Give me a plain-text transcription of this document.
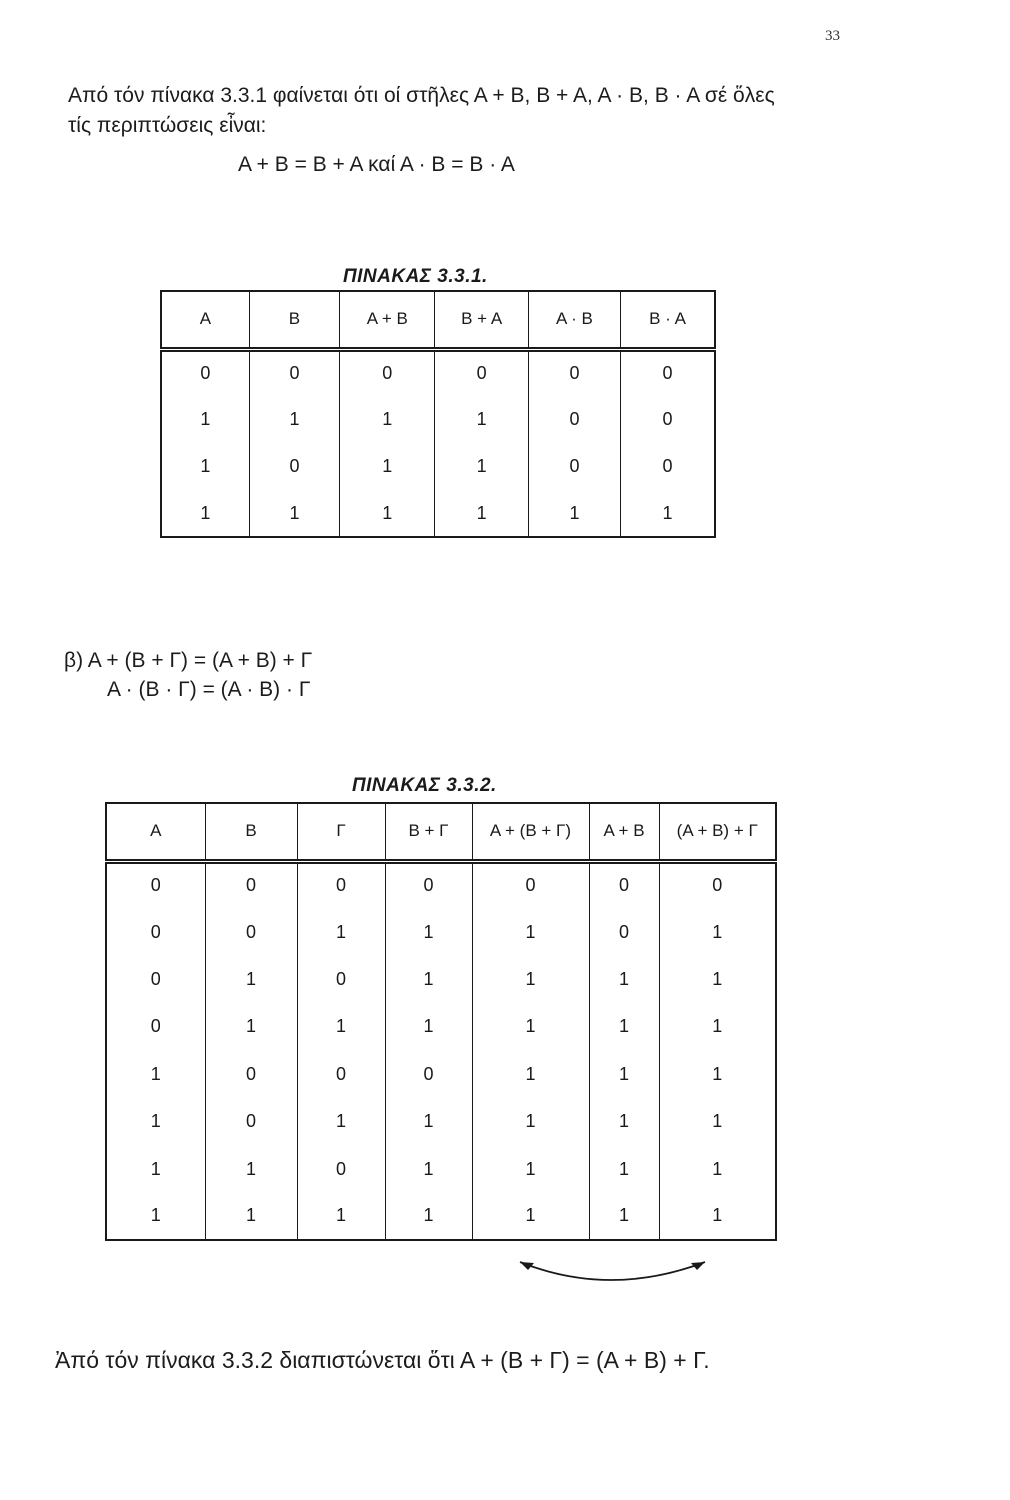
33
Από τόν πίνακα 3.3.1 φαίνεται ότι οί στῆλες Α + Β, Β + Α, Α · Β, Β · Α σέ ὅλες
τίς περιπτώσεις εἶναι:
Α + Β = Β + Α καί Α · Β = Β · Α
ΠΙΝΑΚΑΣ 3.3.1.
Α	Β	Α + Β	Β + Α	Α · Β	Β · Α
0	0	0	0	0	0
1	1	1	1	0	0
1	0	1	1	0	0
1	1	1	1	1	1
β) Α + (Β + Γ) = (Α + Β) + Γ
Α · (Β · Γ) = (Α · Β) · Γ
ΠΙΝΑΚΑΣ 3.3.2.
Α	Β	Γ	Β + Γ	Α + (Β + Γ)	Α + Β	(Α + Β) + Γ
0	0	0	0	0	0	0
0	0	1	1	1	0	1
0	1	0	1	1	1	1
0	1	1	1	1	1	1
1	0	0	0	1	1	1
1	0	1	1	1	1	1
1	1	0	1	1	1	1
1	1	1	1	1	1	1
Ἀπό τόν πίνακα 3.3.2 διαπιστώνεται ὅτι Α + (Β + Γ) = (Α + Β) + Γ.
